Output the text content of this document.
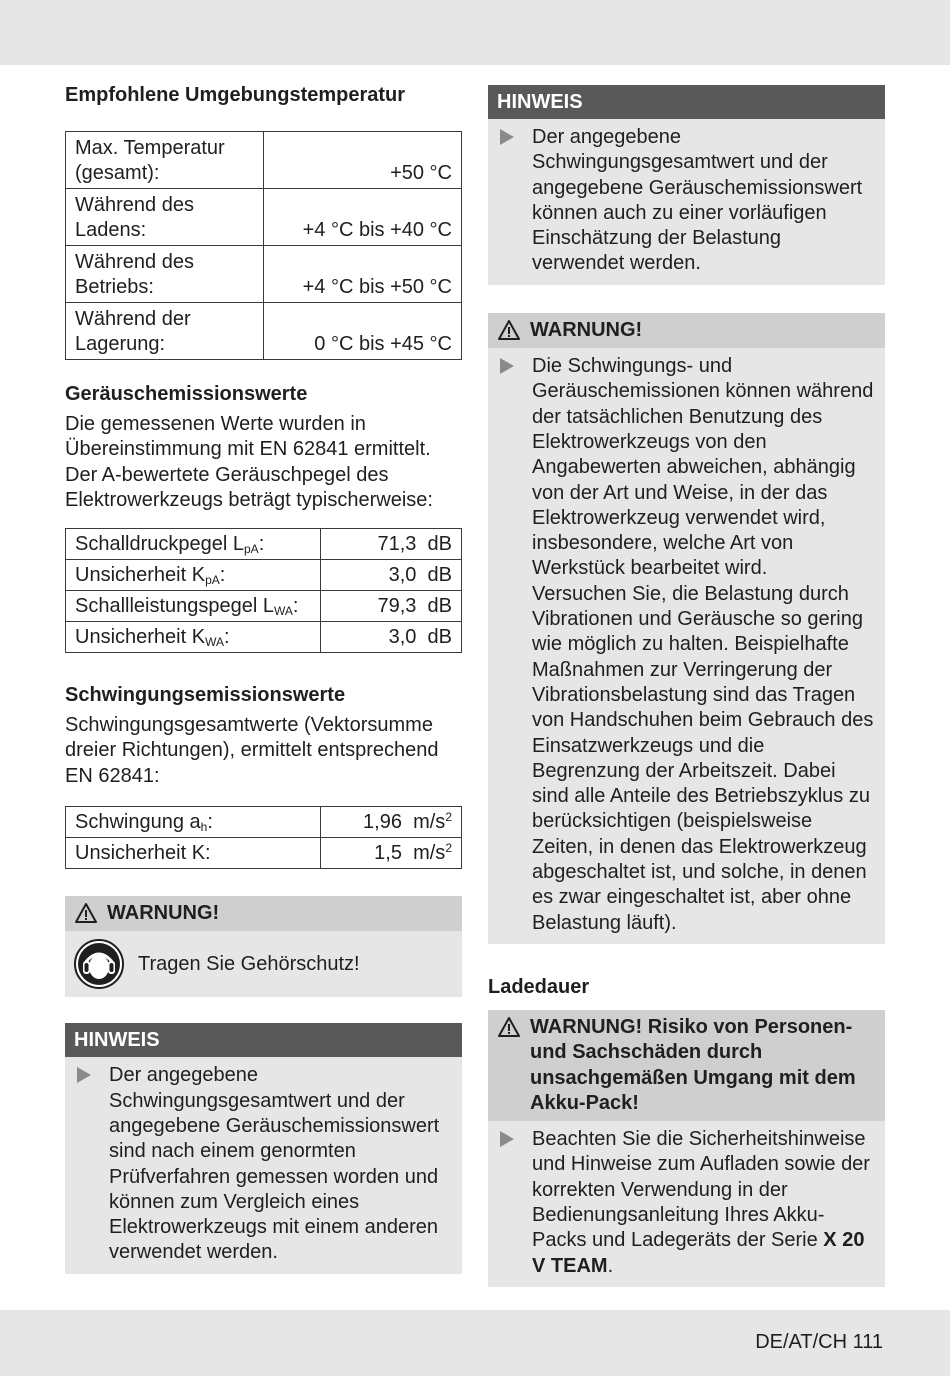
Empfohlene Umgebungstemperatur
Max. Temperatur (gesamt):	+50 °C
Während des Ladens:	+4 °C bis +40 °C
Während des Betriebs:	+4 °C bis +50 °C
Während der Lagerung:	0 °C bis +45 °C
Geräuschemissionswerte

Die gemessenen Werte wurden in Übereinstimmung mit EN 62841 ermittelt. Der A-bewertete Geräuschpegel des Elektrowerkzeugs beträgt typischerweise:

Schalldruckpegel $L_{pA}$:	71,3 dB
Unsicherheit $K_{pA}$:	3,0 dB
Schallleistungspegel $L_{WA}$:	79,3 dB
Unsicherheit $K_{WA}$:	3,0 dB
Schwingungsemissionswerte

Schwingungsgesamtwerte (Vektorsumme dreier Richtungen), ermittelt entsprechend EN 62841:

Schwingung $a_h$:	1,96 $m/s^2$
Unsicherheit K:	1,5 $m/s^2$
WARNUNG!
Tragen Sie Gehörschutz!
HINWEIS
Der angegebene Schwingungsgesamtwert und der angegebene Geräuschemissionswert sind nach einem genormten Prüfverfahren gemessen worden und können zum Vergleich eines Elektrowerkzeugs mit einem anderen verwendet werden.
HINWEIS
Der angegebene Schwingungsgesamtwert und der angegebene Geräuschemissionswert können auch zu einer vorläufigen Einschätzung der Belastung verwendet werden.
WARNUNG!
Die Schwingungs- und Geräuschemissionen können während der tatsächlichen Benutzung des Elektrowerkzeugs von den Angabewerten abweichen, abhängig von der Art und Weise, in der das Elektrowerkzeug verwendet wird, insbesondere, welche Art von Werkstück bearbeitet wird.
Versuchen Sie, die Belastung durch Vibrationen und Geräusche so gering wie möglich zu halten. Beispielhafte Maßnahmen zur Verringerung der Vibrationsbelastung sind das Tragen von Handschuhen beim Gebrauch des Einsatzwerkzeugs und die Begrenzung der Arbeitszeit. Dabei sind alle Anteile des Betriebszyklus zu berücksichtigen (beispielsweise Zeiten, in denen das Elektrowerkzeug abgeschaltet ist, und solche, in denen es zwar eingeschaltet ist, aber ohne Belastung läuft).
Ladedauer
WARNUNG! Risiko von Personen- und Sachschäden durch unsachgemäßen Umgang mit dem Akku-Pack!
Beachten Sie die Sicherheitshinweise und Hinweise zum Aufladen sowie der korrekten Verwendung in der Bedienungsanleitung Ihres Akku-Packs und Ladegeräts der Serie X 20 V TEAM.
DE/AT/CH 111
